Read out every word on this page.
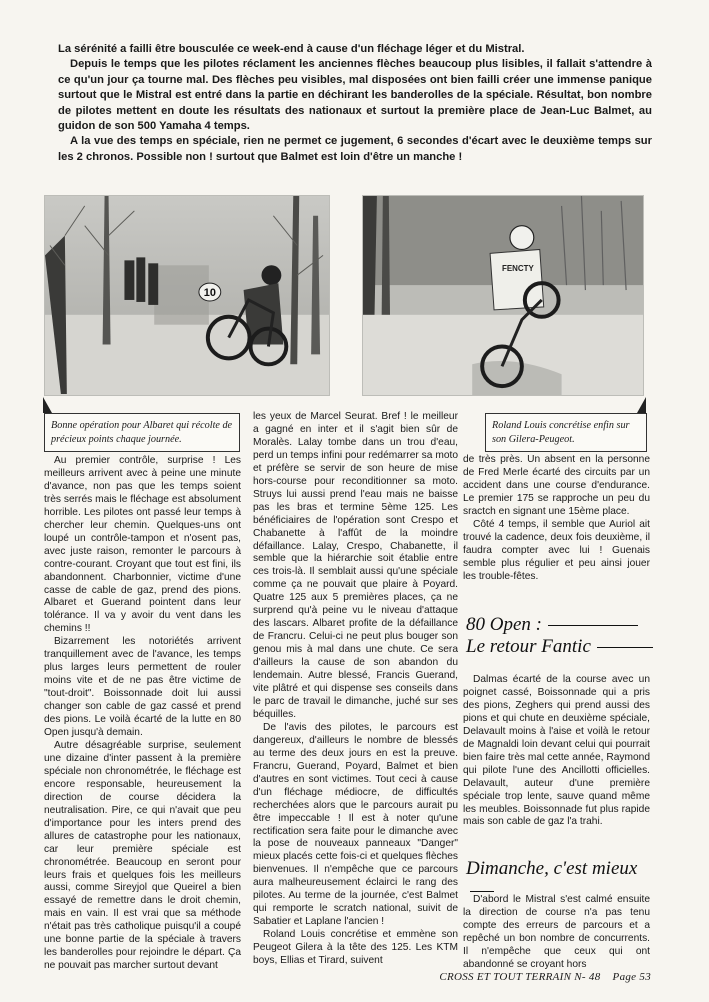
La sérénité a failli être bousculée ce week-end à cause d'un fléchage léger et du Mistral.

Depuis le temps que les pilotes réclament les anciennes flèches beaucoup plus lisibles, il fallait s'attendre à ce qu'un jour ça tourne mal. Des flèches peu visibles, mal disposées ont bien failli créer une immense panique surtout que le Mistral est entré dans la partie en déchirant les banderolles de la spéciale. Résultat, bon nombre de pilotes mettent en doute les résultats des nationaux et surtout la première place de Jean-Luc Balmet, au guidon de son 500 Yamaha 4 temps.

A la vue des temps en spéciale, rien ne permet ce jugement, 6 secondes d'écart avec le deuxième temps sur les 2 chronos. Possible non ! surtout que Balmet est loin d'être un manche !

10
FENCTY
Bonne opération pour Albaret qui récolte de précieux points chaque journée.
Roland Louis concrétise enfin sur son Gilera-Peugeot.

Au premier contrôle, surprise ! Les meilleurs arrivent avec à peine une minute d'avance, non pas que les temps soient très serrés mais le fléchage est absolument horrible. Les pilotes ont passé leur temps à chercher leur chemin. Quelques-uns ont loupé un contrôle-tampon et n'osent pas, avec juste raison, remonter le parcours à contre-courant. Croyant que tout est fini, ils abandonnent. Charbonnier, victime d'une casse de cable de gaz, prend des pions. Albaret et Guerand pointent dans leur tolérance. Il va y avoir du vent dans les chemins !!

Bizarrement les notoriétés arrivent tranquillement avec de l'avance, les temps plus larges leurs permettent de rouler moins vite et de ne pas être victime de "tout-droit". Boissonnade doit lui aussi changer son cable de gaz cassé et prend des pions. Le voilà écarté de la lutte en 80 Open jusqu'à demain.

Autre désagréable surprise, seulement une dizaine d'inter passent à la première spéciale non chronométrée, le fléchage est encore responsable, heureusement la direction de course décidera la neutralisation. Pire, ce qui n'avait que peu d'importance pour les inters prend des allures de catastrophe pour les nationaux, car leur première spéciale est chronométrée. Beaucoup en seront pour leurs frais et quelques fois les meilleurs aussi, comme Sireyjol que Queirel a bien essayé de remettre dans le droit chemin, mais en vain. Il est vrai que sa méthode n'était pas très catholique puisqu'il a coupé une bonne partie de la spéciale à travers les banderolles pour rejoindre le départ. Ça ne pouvait pas marcher surtout devant

les yeux de Marcel Seurat. Bref ! le meilleur a gagné en inter et il s'agit bien sûr de Moralès. Lalay tombe dans un trou d'eau, perd un temps infini pour redémarrer sa moto et préfère se servir de son heure de mise hors-course pour reconditionner sa moto. Struys lui aussi prend l'eau mais ne baisse pas les bras et termine 5ème 125. Les bénéficiaires de l'opération sont Crespo et Chabanette à l'affût de la moindre défaillance. Lalay, Crespo, Chabanette, il semble que la hiérarchie soit établie entre ces trois-là. Il semblait aussi qu'une spéciale comme ça ne pouvait que plaire à Poyard. Quatre 125 aux 5 premières places, ça ne surprend qu'à peine vu le niveau d'attaque des lascars. Albaret profite de la défaillance de Francru. Celui-ci ne peut plus bouger son genou mis à mal dans une chute. Ce sera d'ailleurs la cause de son abandon du lendemain. Autre blessé, Francis Guerand, vite plâtré et qui dispense ses conseils dans le parc de travail le dimanche, juché sur ses béquilles.

De l'avis des pilotes, le parcours est dangereux, d'ailleurs le nombre de blessés au terme des deux jours en est la preuve. Francru, Guerand, Poyard, Balmet et bien d'autres en sont victimes. Tout ceci à cause d'un fléchage médiocre, de difficultés recherchées alors que le parcours aurait pu être impeccable ! Il est à noter qu'une rectification sera faite pour le dimanche avec la pose de nouveaux panneaux "Danger" mieux placés cette fois-ci et quelques flèches bienvenues. Il n'empêche que ce parcours aura malheureusement éclairci le rang des pilotes. Au terme de la journée, c'est Balmet qui remporte le scratch national, suivit de Sabatier et Laplane l'ancien !

Roland Louis concrétise et emmène son Peugeot Gilera à la tête des 125. Les KTM boys, Ellias et Tirard, suivent

de très près. Un absent en la personne de Fred Merle écarté des circuits par un accident dans une course d'endurance. Le premier 175 se rapproche un peu du sractch en signant une 15ème place.

Côté 4 temps, il semble que Auriol ait trouvé la cadence, deux fois deuxième, il faudra compter avec lui ! Guenais semble plus régulier et peu ainsi jouer les trouble-fêtes.

80 Open :
Le retour Fantic

Dalmas écarté de la course avec un poignet cassé, Boissonnade qui a pris des pions, Zeghers qui prend aussi des pions et qui chute en deuxième spéciale, Delavault moins à l'aise et voilà le retour de Magnaldi loin devant celui qui pourrait bien faire très mal cette année, Raymond qui pilote l'une des Ancillotti officielles. Delavault, auteur d'une première spéciale trop lente, sauve quand même les meubles. Boissonnade fut plus rapide mais son cable de gaz l'a trahi.

Dimanche, c'est mieux

D'abord le Mistral s'est calmé ensuite la direction de course n'a pas tenu compte des erreurs de parcours et a repêché un bon nombre de concurrents. Il n'empêche que ceux qui ont abandonné se croyant hors

CROSS ET TOUT TERRAIN N- 48 Page 53
